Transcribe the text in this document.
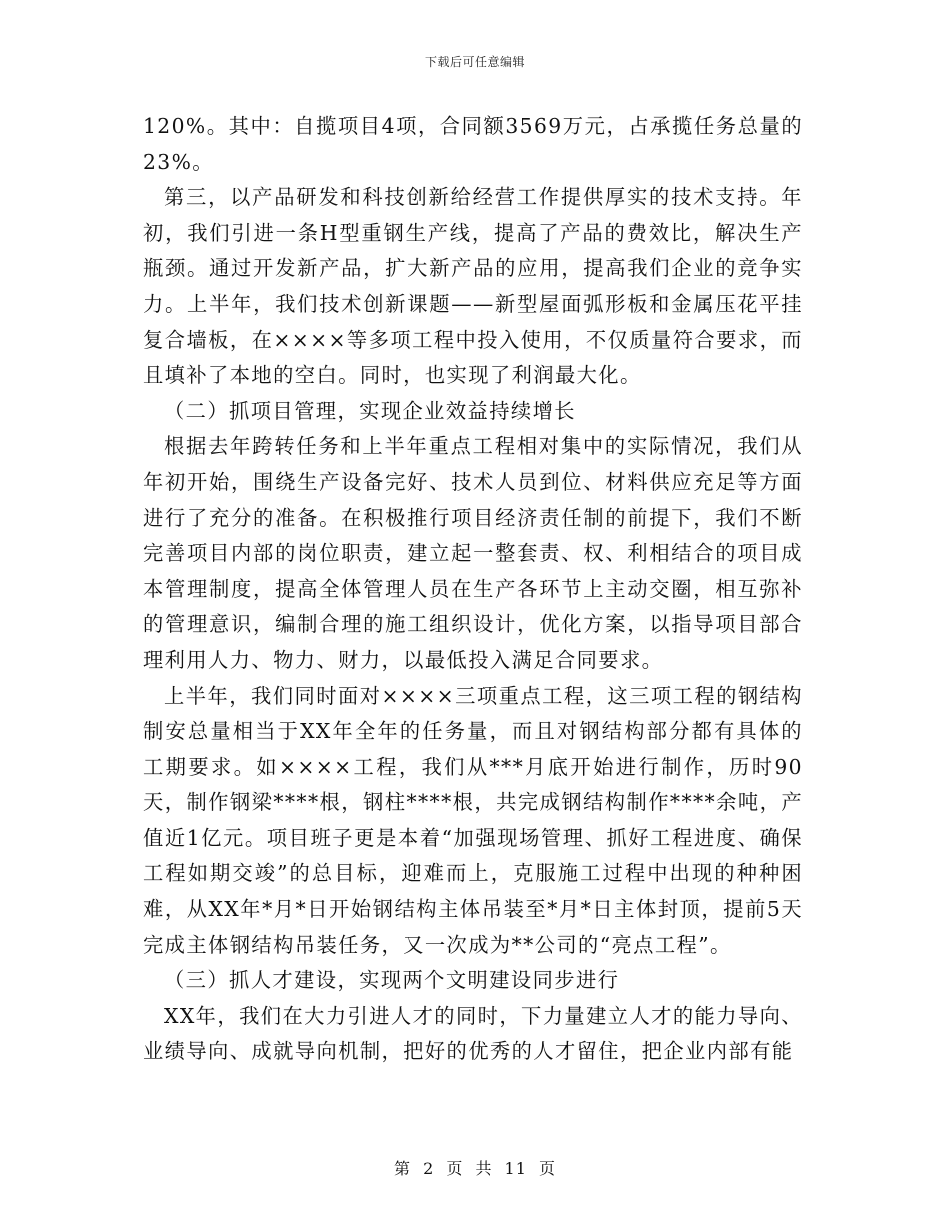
下载后可任意编辑

120%。其中：自揽项目4项，合同额3569万元，占承揽任务总量的23%。

第三，以产品研发和科技创新给经营工作提供厚实的技术支持。年初，我们引进一条H型重钢生产线，提高了产品的费效比，解决生产瓶颈。通过开发新产品，扩大新产品的应用，提高我们企业的竞争实力。上半年，我们技术创新课题——新型屋面弧形板和金属压花平挂复合墙板，在××××等多项工程中投入使用，不仅质量符合要求，而且填补了本地的空白。同时，也实现了利润最大化。

（二）抓项目管理，实现企业效益持续增长

根据去年跨转任务和上半年重点工程相对集中的实际情况，我们从年初开始，围绕生产设备完好、技术人员到位、材料供应充足等方面进行了充分的准备。在积极推行项目经济责任制的前提下，我们不断完善项目内部的岗位职责，建立起一整套责、权、利相结合的项目成本管理制度，提高全体管理人员在生产各环节上主动交圈，相互弥补的管理意识，编制合理的施工组织设计，优化方案，以指导项目部合理利用人力、物力、财力，以最低投入满足合同要求。

上半年，我们同时面对××××三项重点工程，这三项工程的钢结构制安总量相当于XX年全年的任务量，而且对钢结构部分都有具体的工期要求。如××××工程，我们从***月底开始进行制作，历时90天，制作钢梁****根，钢柱****根，共完成钢结构制作****余吨，产值近1亿元。项目班子更是本着“加强现场管理、抓好工程进度、确保工程如期交竣”的总目标，迎难而上，克服施工过程中出现的种种困难，从XX年*月*日开始钢结构主体吊装至*月*日主体封顶，提前5天完成主体钢结构吊装任务，又一次成为**公司的“亮点工程”。

（三）抓人才建设，实现两个文明建设同步进行

XX年，我们在大力引进人才的同时，下力量建立人才的能力导向、业绩导向、成就导向机制，把好的优秀的人才留住，把企业内部有能

第 2 页 共 11 页
